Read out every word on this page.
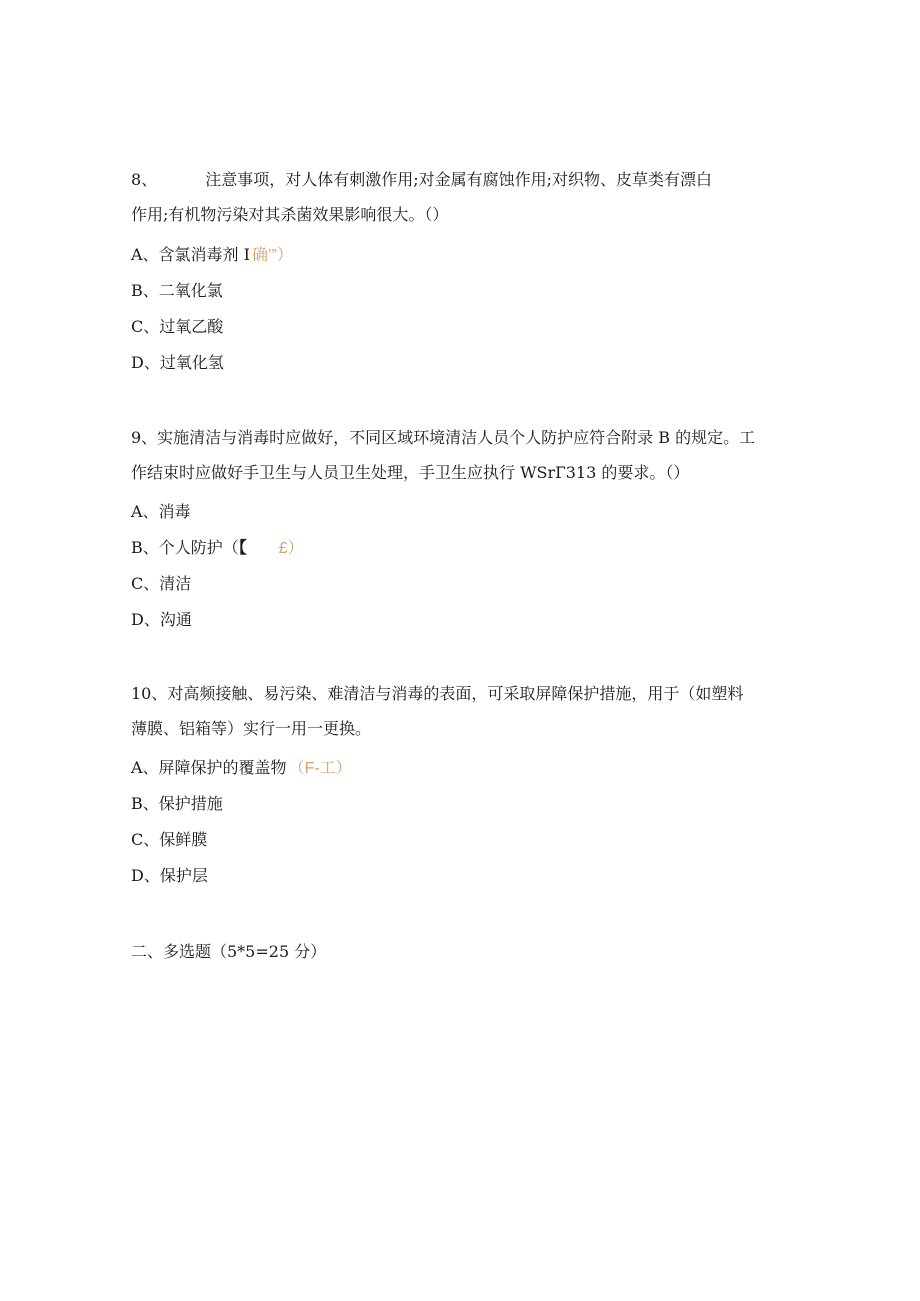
8、	注意事项，对人体有刺激作用;对金属有腐蚀作用;对织物、皮草类有漂白
作用;有机物污染对其杀菌效果影响很大。（）
A、含氯消毒剂 I 确’”）
B、二氧化氯
C、过氧乙酸
D、过氧化氢
9、实施清洁与消毒时应做好，不同区域环境清洁人员个人防护应符合附录 B 的规定。工
作结束时应做好手卫生与人员卫生处理，手卫生应执行 WSrГ313 的要求。（）
A、消毒
B、个人防护（【 £）
C、清洁
D、沟通
10、对高频接触、易污染、难清洁与消毒的表面，可采取屏障保护措施，用于（如塑料
薄膜、铝箱等）实行一用一更换。
A、屏障保护的覆盖物 （F-工）
B、保护措施
C、保鲜膜
D、保护层
二、多选题（5*5=25 分）
